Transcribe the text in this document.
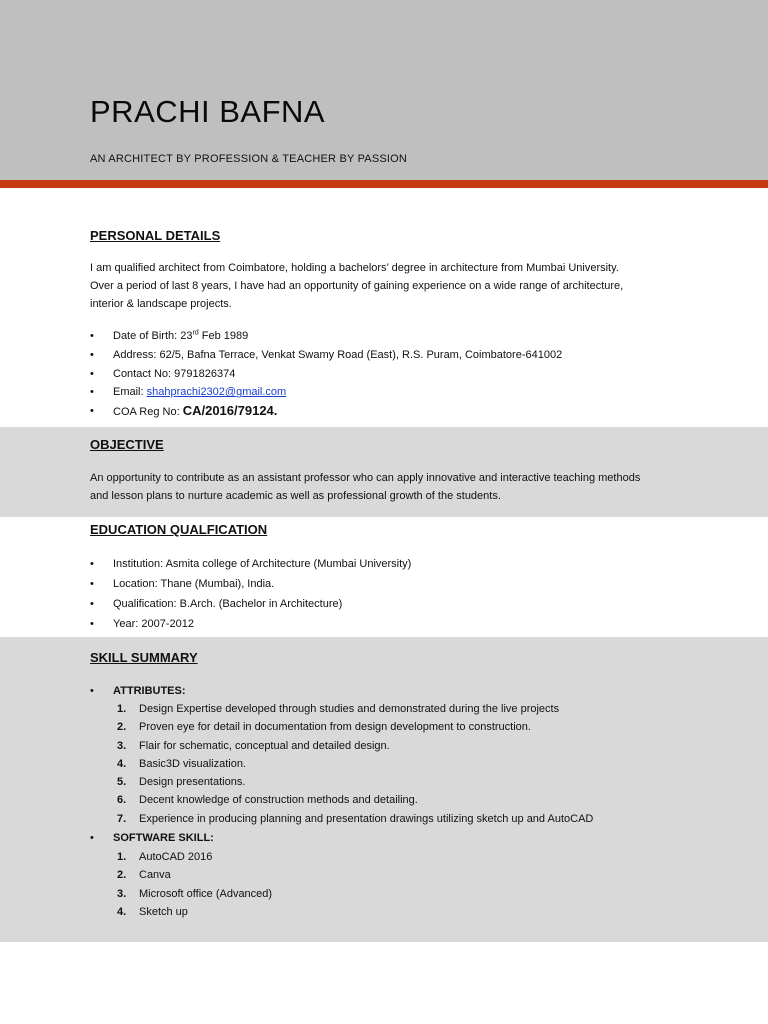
PRACHI BAFNA
AN ARCHITECT BY PROFESSION & TEACHER BY PASSION
PERSONAL DETAILS

I am qualified architect from Coimbatore, holding a bachelors’ degree in architecture from Mumbai University.

Over a period of last 8 years, I have had an opportunity of gaining experience on a wide range of architecture,

interior & landscape projects.

• Date of Birth: 23rd Feb 1989
• Address: 62/5, Bafna Terrace, Venkat Swamy Road (East), R.S. Puram, Coimbatore-641002
• Contact No: 9791826374
• Email: shahprachi2302@gmail.com
• COA Reg No: CA/2016/79124.
OBJECTIVE

An opportunity to contribute as an assistant professor who can apply innovative and interactive teaching methods

and lesson plans to nurture academic as well as professional growth of the students.

EDUCATION QUALFICATION
• Institution: Asmita college of Architecture (Mumbai University)
• Location: Thane (Mumbai), India.
• Qualification: B.Arch. (Bachelor in Architecture)
• Year: 2007-2012
SKILL SUMMARY
• ATTRIBUTES:
1. Design Expertise developed through studies and demonstrated during the live projects
2. Proven eye for detail in documentation from design development to construction.
3. Flair for schematic, conceptual and detailed design.
4. Basic3D visualization.
5. Design presentations.
6. Decent knowledge of construction methods and detailing.
7. Experience in producing planning and presentation drawings utilizing sketch up and AutoCAD
• SOFTWARE SKILL:
1. AutoCAD 2016
2. Canva
3. Microsoft office (Advanced)
4. Sketch up
